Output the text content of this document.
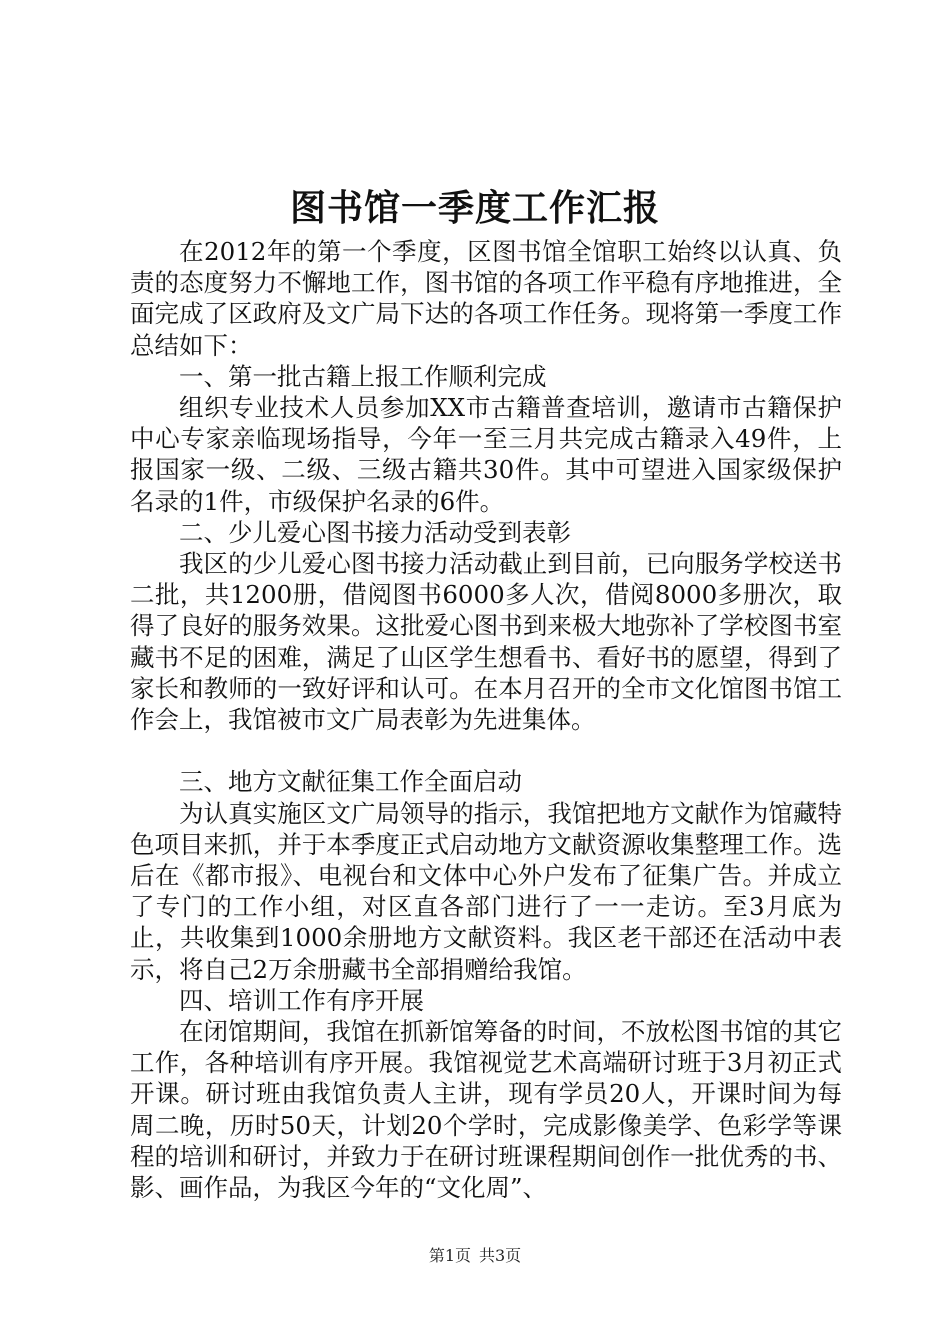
图书馆一季度工作汇报

在2012年的第一个季度，区图书馆全馆职工始终以认真、负责的态度努力不懈地工作，图书馆的各项工作平稳有序地推进，全面完成了区政府及文广局下达的各项工作任务。现将第一季度工作总结如下：

一、第一批古籍上报工作顺利完成

组织专业技术人员参加XX市古籍普查培训，邀请市古籍保护中心专家亲临现场指导，今年一至三月共完成古籍录入49件，上报国家一级、二级、三级古籍共30件。其中可望进入国家级保护名录的1件，市级保护名录的6件。

二、少儿爱心图书接力活动受到表彰

我区的少儿爱心图书接力活动截止到目前，已向服务学校送书二批，共1200册，借阅图书6000多人次，借阅8000多册次，取得了良好的服务效果。这批爱心图书到来极大地弥补了学校图书室藏书不足的困难，满足了山区学生想看书、看好书的愿望，得到了家长和教师的一致好评和认可。在本月召开的全市文化馆图书馆工作会上，我馆被市文广局表彰为先进集体。

三、地方文献征集工作全面启动

为认真实施区文广局领导的指示，我馆把地方文献作为馆藏特色项目来抓，并于本季度正式启动地方文献资源收集整理工作。选后在《都市报》、电视台和文体中心外户发布了征集广告。并成立了专门的工作小组，对区直各部门进行了一一走访。至3月底为止，共收集到1000余册地方文献资料。我区老干部还在活动中表示，将自己2万余册藏书全部捐赠给我馆。

四、培训工作有序开展

在闭馆期间，我馆在抓新馆筹备的时间，不放松图书馆的其它工作，各种培训有序开展。我馆视觉艺术高端研讨班于3月初正式开课。研讨班由我馆负责人主讲，现有学员20人，开课时间为每周二晚，历时50天，计划20个学时，完成影像美学、色彩学等课程的培训和研讨，并致力于在研讨班课程期间创作一批优秀的书、影、画作品，为我区今年的“文化周”、

第1页 共3页
